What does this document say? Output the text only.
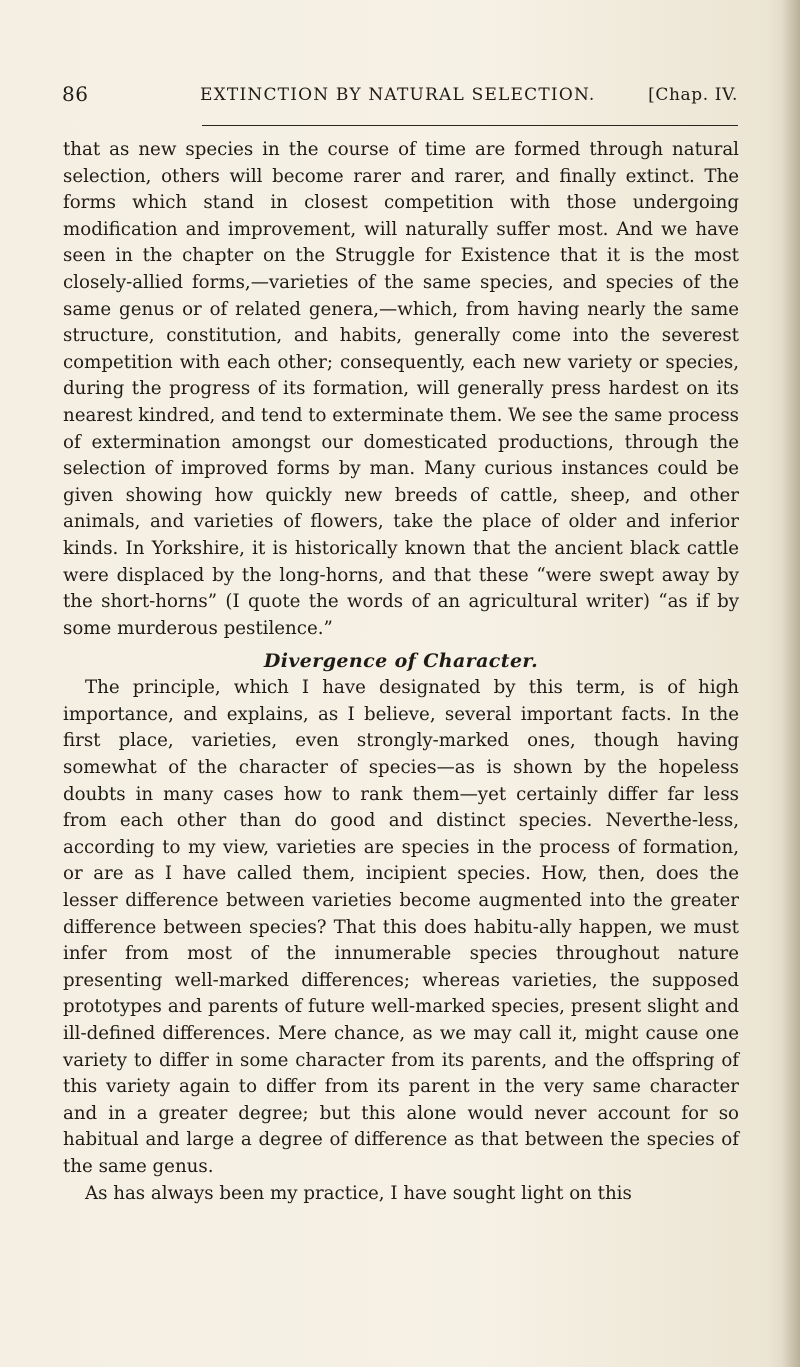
86	EXTINCTION BY NATURAL SELECTION.	[Chap. IV.

that as new species in the course of time are formed through natural selection, others will become rarer and rarer, and finally extinct. The forms which stand in closest competition with those undergoing modification and improvement, will naturally suffer most. And we have seen in the chapter on the Struggle for Existence that it is the most closely-allied forms,—varieties of the same species, and species of the same genus or of related genera,—which, from having nearly the same structure, constitution, and habits, generally come into the severest competition with each other; consequently, each new variety or species, during the progress of its formation, will generally press hardest on its nearest kindred, and tend to exterminate them. We see the same process of extermination amongst our domesticated productions, through the selection of improved forms by man. Many curious instances could be given showing how quickly new breeds of cattle, sheep, and other animals, and varieties of flowers, take the place of older and inferior kinds. In Yorkshire, it is historically known that the ancient black cattle were displaced by the long-horns, and that these “were swept away by the short-horns” (I quote the words of an agricultural writer) “as if by some murderous pestilence.”

Divergence of Character.

The principle, which I have designated by this term, is of high importance, and explains, as I believe, several important facts. In the first place, varieties, even strongly-marked ones, though having somewhat of the character of species—as is shown by the hopeless doubts in many cases how to rank them—yet certainly differ far less from each other than do good and distinct species. Neverthe-less, according to my view, varieties are species in the process of formation, or are as I have called them, incipient species. How, then, does the lesser difference between varieties become augmented into the greater difference between species? That this does habitu-ally happen, we must infer from most of the innumerable species throughout nature presenting well-marked differences; whereas varieties, the supposed prototypes and parents of future well-marked species, present slight and ill-defined differences. Mere chance, as we may call it, might cause one variety to differ in some character from its parents, and the offspring of this variety again to differ from its parent in the very same character and in a greater degree; but this alone would never account for so habitual and large a degree of difference as that between the species of the same genus.

As has always been my practice, I have sought light on this
